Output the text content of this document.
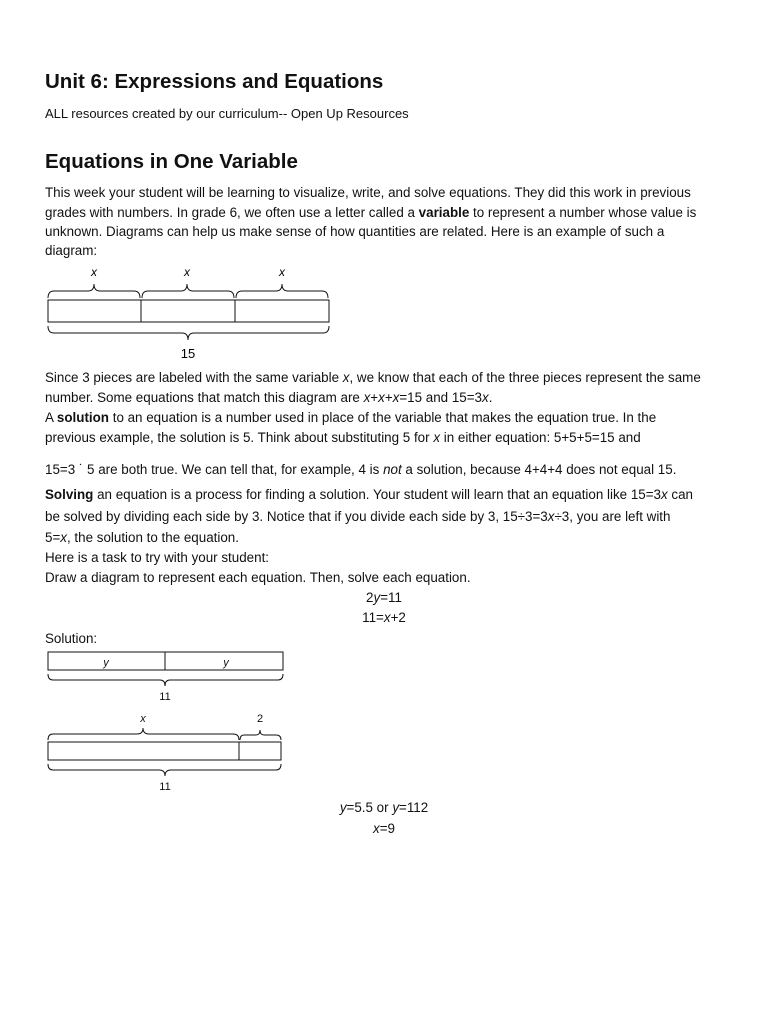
Unit 6: Expressions and Equations
ALL resources created by our curriculum-- Open Up Resources
Equations in One Variable
This week your student will be learning to visualize, write, and solve equations. They did this work in previous
grades with numbers. In grade 6, we often use a letter called a variable to represent a number whose value is
unknown. Diagrams can help us make sense of how quantities are related. Here is an example of such a
diagram:
x	x	x
15
Since 3 pieces are labeled with the same variable x, we know that each of the three pieces represent the same
number. Some equations that match this diagram are x+x+x=15 and 15=3x.
A solution to an equation is a number used in place of the variable that makes the equation true. In the
previous example, the solution is 5. Think about substituting 5 for x in either equation: 5+5+5=15 and
15=3 ˙ 5 are both true. We can tell that, for example, 4 is not a solution, because 4+4+4 does not equal 15.
Solving an equation is a process for finding a solution. Your student will learn that an equation like 15=3x can
be solved by dividing each side by 3. Notice that if you divide each side by 3, 15÷3=3x÷3, you are left with
5=x, the solution to the equation.
Here is a task to try with your student:
Draw a diagram to represent each equation. Then, solve each equation.
2y=11
11=x+2
Solution:
y	y
11
x	2
11
y=5.5 or y=112
x=9
